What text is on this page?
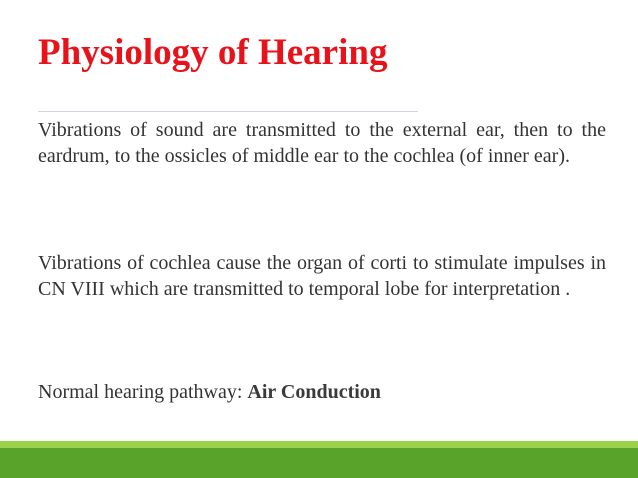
Physiology of Hearing

Vibrations of sound are transmitted to the external ear, then to the eardrum, to the ossicles of middle ear to the cochlea (of inner ear).

Vibrations of cochlea cause the organ of corti to stimulate impulses in CN VIII which are transmitted to temporal lobe for interpretation .

Normal hearing pathway: Air Conduction
